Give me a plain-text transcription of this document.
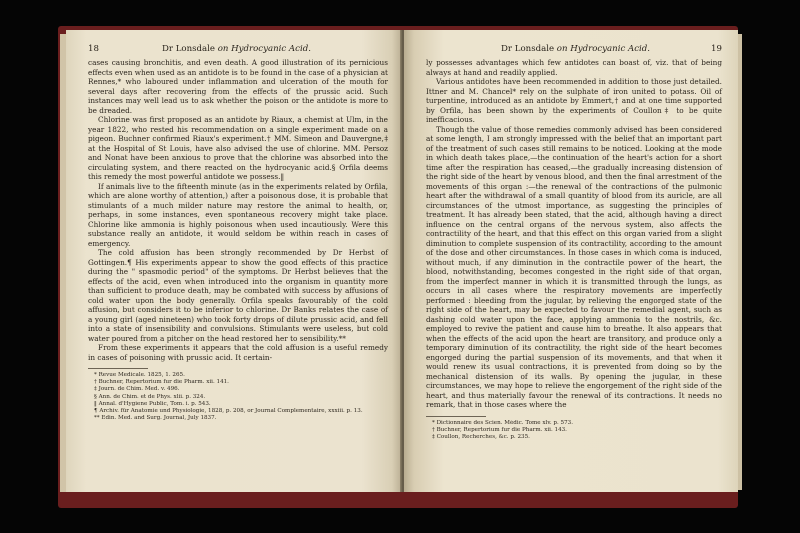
18	Dr Lonsdale on Hydrocyanic Acid.

cases causing bronchitis, and even death. A good illustration of its pernicious effects even when used as an antidote is to be found in the case of a physician at Rennes,* who laboured under inflammation and ulceration of the mouth for several days after recovering from the effects of the prussic acid. Such instances may well lead us to ask whether the poison or the antidote is more to be dreaded.

Chlorine was first proposed as an antidote by Riaux, a chemist at Ulm, in the year 1822, who rested his recommendation on a single experiment made on a pigeon. Buchner confirmed Riaux's experiment.† MM. Simeon and Dauvergne,‡ at the Hospital of St Louis, have also advised the use of chlorine. MM. Persoz and Nonat have been anxious to prove that the chlorine was absorbed into the circulating system, and there reacted on the hydrocyanic acid.§ Orfila deems this remedy the most powerful antidote we possess.‖

If animals live to the fifteenth minute (as in the experiments related by Orfila, which are alone worthy of attention,) after a poisonous dose, it is probable that stimulants of a much milder nature may restore the animal to health, or, perhaps, in some instances, even spontaneous recovery might take place. Chlorine like ammonia is highly poisonous when used incautiously. Were this substance really an antidote, it would seldom be within reach in cases of emergency.

The cold affusion has been strongly recommended by Dr Herbst of Gottingen.¶ His experiments appear to show the good effects of this practice during the " spasmodic period" of the symptoms. Dr Herbst believes that the effects of the acid, even when introduced into the organism in quantity more than sufficient to produce death, may be combated with success by affusions of cold water upon the body generally. Orfila speaks favourably of the cold affusion, but considers it to be inferior to chlorine. Dr Banks relates the case of a young girl (aged nineteen) who took forty drops of dilute prussic acid, and fell into a state of insensibility and convulsions. Stimulants were useless, but cold water poured from a pitcher on the head restored her to sensibility.**

From these experiments it appears that the cold affusion is a useful remedy in cases of poisoning with prussic acid. It certain-

* Revue Medicale. 1825, 1. 265.
† Buchner, Repertorium fur die Pharm. xii. 141.
‡ Journ. de Chim. Med. v. 496.
§ Ann. de Chim. et de Phys. xlii. p. 324.
‖ Annal. d'Hygiene Public, Tom. i. p. 543.
¶ Archiv. für Anatomie und Physiologie, 1828, p. 208, or Journal Complementaire, xxxiii. p. 13.
** Edin. Med. and Surg. Journal, July 1837.
Dr Lonsdale on Hydrocyanic Acid.	19

ly possesses advantages which few antidotes can boast of, viz. that of being always at hand and readily applied.

Various antidotes have been recommended in addition to those just detailed. Ittner and M. Chancel* rely on the sulphate of iron united to potass. Oil of turpentine, introduced as an antidote by Emmert,† and at one time supported by Orfila, has been shown by the experiments of Coullon‡ to be quite inefficacious.

Though the value of those remedies commonly advised has been considered at some length, I am strongly impressed with the belief that an important part of the treatment of such cases still remains to be noticed. Looking at the mode in which death takes place,—the continuation of the heart's action for a short time after the respiration has ceased,—the gradually increasing distension of the right side of the heart by venous blood, and then the final arrestment of the movements of this organ :—the renewal of the contractions of the pulmonic heart after the withdrawal of a small quantity of blood from its auricle, are all circumstances of the utmost importance, as suggesting the principles of treatment. It has already been stated, that the acid, although having a direct influence on the central organs of the nervous system, also affects the contractility of the heart, and that this effect on this organ varied from a slight diminution to complete suspension of its contractility, according to the amount of the dose and other circumstances. In those cases in which coma is induced, without much, if any diminution in the contractile power of the heart, the blood, notwithstanding, becomes congested in the right side of that organ, from the imperfect manner in which it is transmitted through the lungs, as occurs in all cases where the respiratory movements are imperfectly performed : bleeding from the jugular, by relieving the engorged state of the right side of the heart, may be expected to favour the remedial agent, such as dashing cold water upon the face, applying ammonia to the nostrils, &c. employed to revive the patient and cause him to breathe. It also appears that when the effects of the acid upon the heart are transitory, and produce only a temporary diminution of its contractility, the right side of the heart becomes engorged during the partial suspension of its movements, and that when it would renew its usual contractions, it is prevented from doing so by the mechanical distension of its walls. By opening the jugular, in these circumstances, we may hope to relieve the engorgement of the right side of the heart, and thus materially favour the renewal of its contractions. It needs no remark, that in those cases where the

* Dictionnaire des Scien. Médic. Tome xlv. p. 573.
† Buchner, Repertorium fur die Pharm. xii. 143.
‡ Coullon, Recherches, &c. p. 235.
